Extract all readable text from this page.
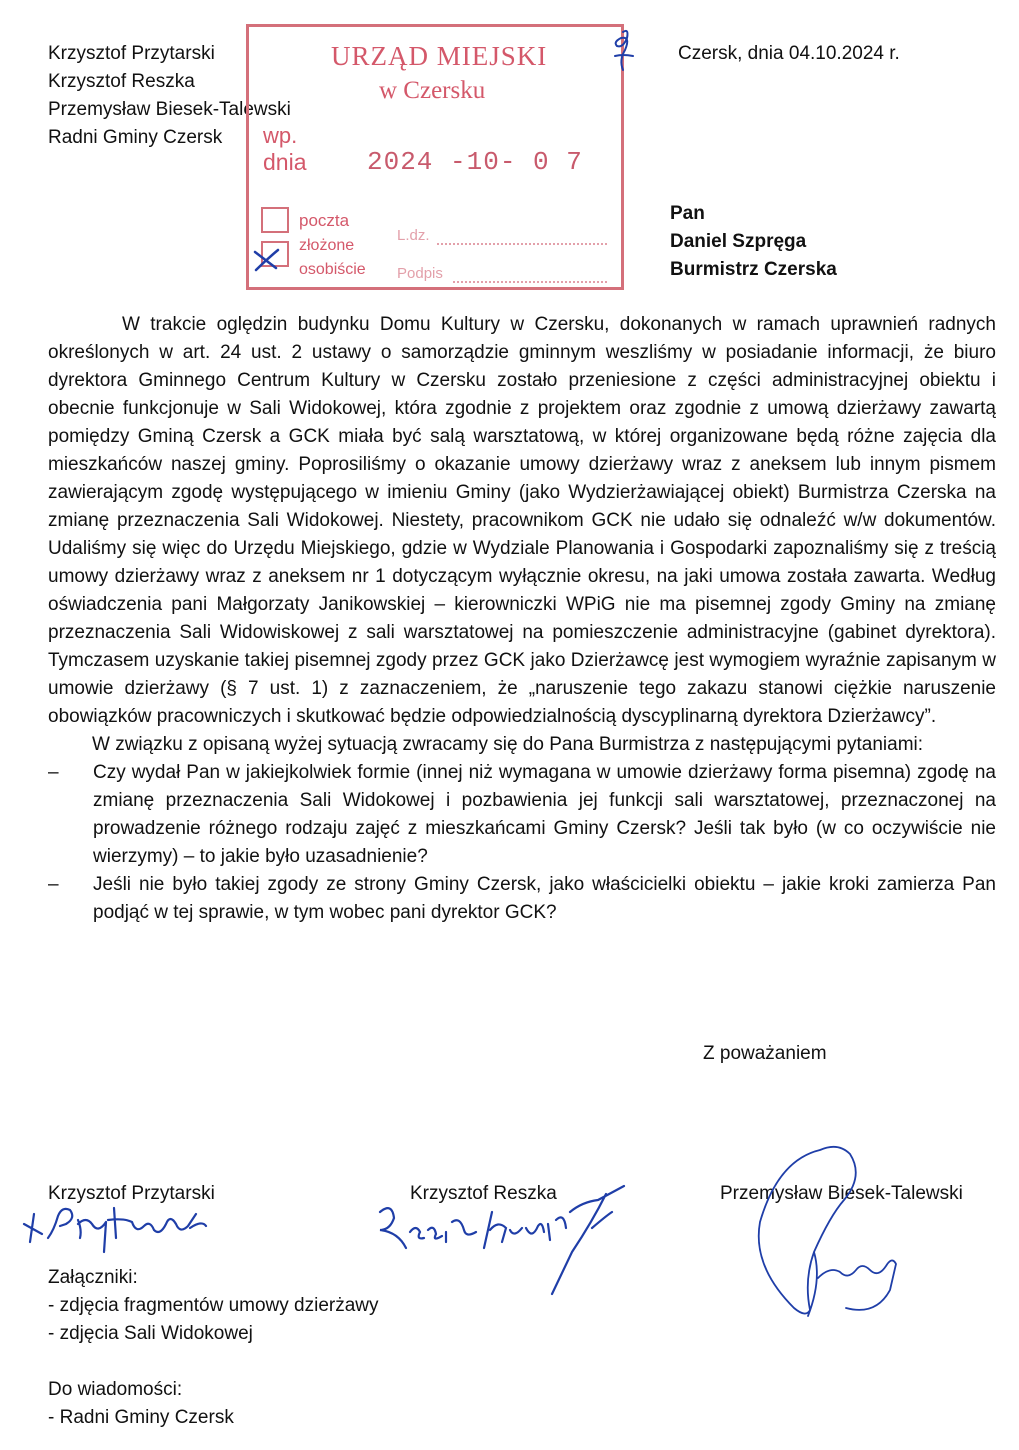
Krzysztof Przytarski
Krzysztof Reszka
Przemysław Biesek-Talewski
Radni Gminy Czersk
Czersk, dnia 04.10.2024 r.
URZĄD MIEJSKI
w Czersku
wp.
dnia 2024 -10- 0 7
poczta
złożone
osobiście
L.dz.
Podpis
Pan
Daniel Szpręga
Burmistrz Czerska

W trakcie oględzin budynku Domu Kultury w Czersku, dokonanych w ramach uprawnień radnych określonych w art. 24 ust. 2 ustawy o samorządzie gminnym weszliśmy w posiadanie informacji, że biuro dyrektora Gminnego Centrum Kultury w Czersku zostało przeniesione z części administracyjnej obiektu i obecnie funkcjonuje w Sali Widokowej, która zgodnie z projektem oraz zgodnie z umową dzierżawy zawartą pomiędzy Gminą Czersk a GCK miała być salą warsztatową, w której organizowane będą różne zajęcia dla mieszkańców naszej gminy. Poprosiliśmy o okazanie umowy dzierżawy wraz z aneksem lub innym pismem zawierającym zgodę występującego w imieniu Gminy (jako Wydzierżawiającej obiekt) Burmistrza Czerska na zmianę przeznaczenia Sali Widokowej. Niestety, pracownikom GCK nie udało się odnaleźć w/w dokumentów. Udaliśmy się więc do Urzędu Miejskiego, gdzie w Wydziale Planowania i Gospodarki zapoznaliśmy się z treścią umowy dzierżawy wraz z aneksem nr 1 dotyczącym wyłącznie okresu, na jaki umowa została zawarta. Według oświadczenia pani Małgorzaty Janikowskiej – kierowniczki WPiG nie ma pisemnej zgody Gminy na zmianę przeznaczenia Sali Widowiskowej z sali warsztatowej na pomieszczenie administracyjne (gabinet dyrektora). Tymczasem uzyskanie takiej pisemnej zgody przez GCK jako Dzierżawcę jest wymogiem wyraźnie zapisanym w umowie dzierżawy (§ 7 ust. 1) z zaznaczeniem, że „naruszenie tego zakazu stanowi ciężkie naruszenie obowiązków pracowniczych i skutkować będzie odpowiedzialnością dyscyplinarną dyrektora Dzierżawcy”.

W związku z opisaną wyżej sytuacją zwracamy się do Pana Burmistrza z następującymi pytaniami:

– Czy wydał Pan w jakiejkolwiek formie (innej niż wymagana w umowie dzierżawy forma pisemna) zgodę na zmianę przeznaczenia Sali Widokowej i pozbawienia jej funkcji sali warsztatowej, przeznaczonej na prowadzenie różnego rodzaju zajęć z mieszkańcami Gminy Czersk? Jeśli tak było (w co oczywiście nie wierzymy) – to jakie było uzasadnienie?
– Jeśli nie było takiej zgody ze strony Gminy Czersk, jako właścicielki obiektu – jakie kroki zamierza Pan podjąć w tej sprawie, w tym wobec pani dyrektor GCK?
Z poważaniem
Krzysztof Przytarski	Krzysztof Reszka	Przemysław Biesek-Talewski
Załączniki:
- zdjęcia fragmentów umowy dzierżawy
- zdjęcia Sali Widokowej
Do wiadomości:
- Radni Gminy Czersk
